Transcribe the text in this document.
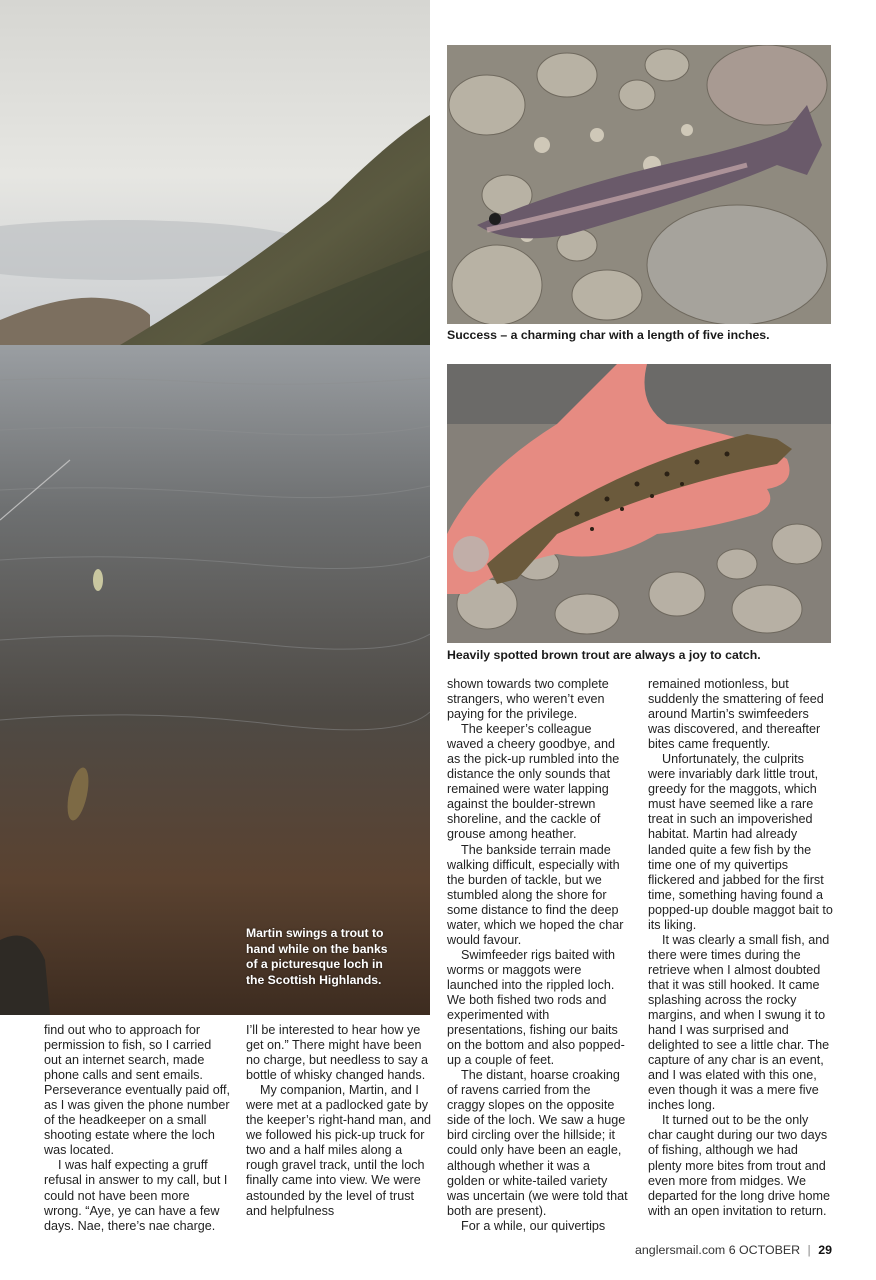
Martin swings a trout to
hand while on the banks
of a picturesque loch in
the Scottish Highlands.
Success – a charming char with a length of five inches.
Heavily spotted brown trout are always a joy to catch.

find out who to approach for permission to fish, so I carried out an internet search, made phone calls and sent emails. Perseverance eventually paid off, as I was given the phone number of the headkeeper on a small shooting estate where the loch was located.

I was half expecting a gruff refusal in answer to my call, but I could not have been more wrong. “Aye, ye can have a few days. Nae, there’s nae charge.

I’ll be interested to hear how ye get on.” There might have been no charge, but needless to say a bottle of whisky changed hands.

My companion, Martin, and I were met at a padlocked gate by the keeper’s right-hand man, and we followed his pick-up truck for two and a half miles along a rough gravel track, until the loch finally came into view. We were astounded by the level of trust and helpfulness

shown towards two complete strangers, who weren’t even paying for the privilege.

The keeper’s colleague waved a cheery goodbye, and as the pick-up rumbled into the distance the only sounds that remained were water lapping against the boulder-strewn shoreline, and the cackle of grouse among heather.

The bankside terrain made walking difficult, especially with the burden of tackle, but we stumbled along the shore for some distance to find the deep water, which we hoped the char would favour.

Swimfeeder rigs baited with worms or maggots were launched into the rippled loch. We both fished two rods and experimented with presentations, fishing our baits on the bottom and also popped-up a couple of feet.

The distant, hoarse croaking of ravens carried from the craggy slopes on the opposite side of the loch. We saw a huge bird circling over the hillside; it could only have been an eagle, although whether it was a golden or white-tailed variety was uncertain (we were told that both are present).

For a while, our quivertips

remained motionless, but suddenly the smattering of feed around Martin’s swimfeeders was discovered, and thereafter bites came frequently.

Unfortunately, the culprits were invariably dark little trout, greedy for the maggots, which must have seemed like a rare treat in such an impoverished habitat. Martin had already landed quite a few fish by the time one of my quivertips flickered and jabbed for the first time, something having found a popped-up double maggot bait to its liking.

It was clearly a small fish, and there were times during the retrieve when I almost doubted that it was still hooked. It came splashing across the rocky margins, and when I swung it to hand I was surprised and delighted to see a little char. The capture of any char is an event, and I was elated with this one, even though it was a mere five inches long.

It turned out to be the only char caught during our two days of fishing, although we had plenty more bites from trout and even more from midges. We departed for the long drive home with an open invitation to return.

anglersmail.com 6 OCTOBER | 29
